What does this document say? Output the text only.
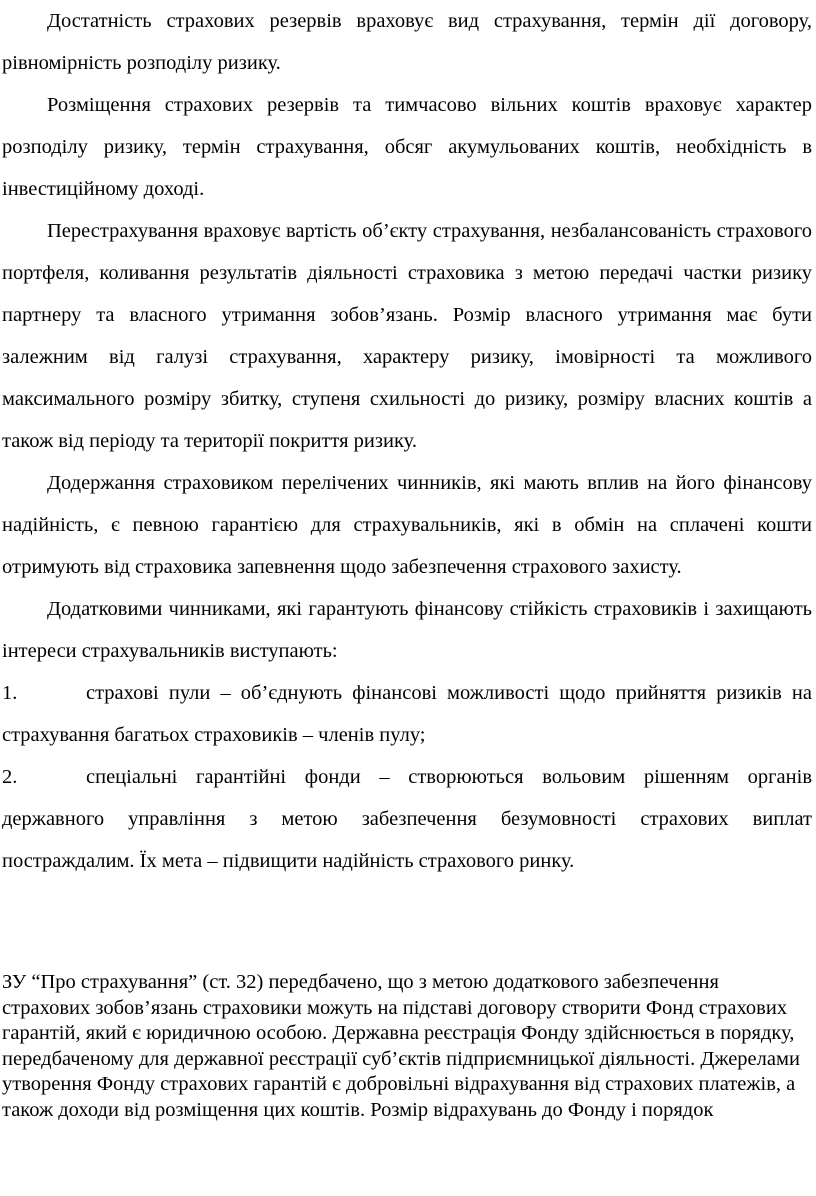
Достатність страхових резервів враховує вид страхування, термін дії договору, рівномірність розподілу ризику.

Розміщення страхових резервів та тимчасово вільних коштів враховує характер розподілу ризику, термін страхування, обсяг акумульованих коштів, необхідність в інвестиційному доході.

Перестрахування враховує вартість об’єкту страхування, незбалансованість страхового портфеля, коливання результатів діяльності страховика з метою передачі частки ризику партнеру та власного утримання зобов’язань. Розмір власного утримання має бути залежним від галузі страхування, характеру ризику, імовірності та можливого максимального розміру збитку, ступеня схильності до ризику, розміру власних коштів а також від періоду та території покриття ризику.

Додержання страховиком перелічених чинників, які мають вплив на його фінансову надійність, є певною гарантією для страхувальників, які в обмін на сплачені кошти отримують від страховика запевнення щодо забезпечення страхового захисту.

Додатковими чинниками, які гарантують фінансову стійкість страховиків і захищають інтереси страхувальників виступають:

1.	страхові пули – об’єднують фінансові можливості щодо прийняття ризиків на страхування багатьох страховиків – членів пулу;

2.	спеціальні гарантійні фонди – створюються вольовим рішенням органів державного управління з метою забезпечення безумовності страхових виплат постраждалим. Їх мета – підвищити надійність страхового ринку.

ЗУ “Про страхування” (ст. 32) передбачено, що з метою додаткового забезпечення страхових зобов’язань страховики можуть на підставі договору створити Фонд страхових гарантій, який є юридичною особою. Державна реєстрація Фонду здійснюється в порядку, передбаченому для державної реєстрації суб’єктів підприємницької діяльності. Джерелами утворення Фонду страхових гарантій є добровільні відрахування від страхових платежів, а також доходи від розміщення цих коштів. Розмір відрахувань до Фонду і порядок
